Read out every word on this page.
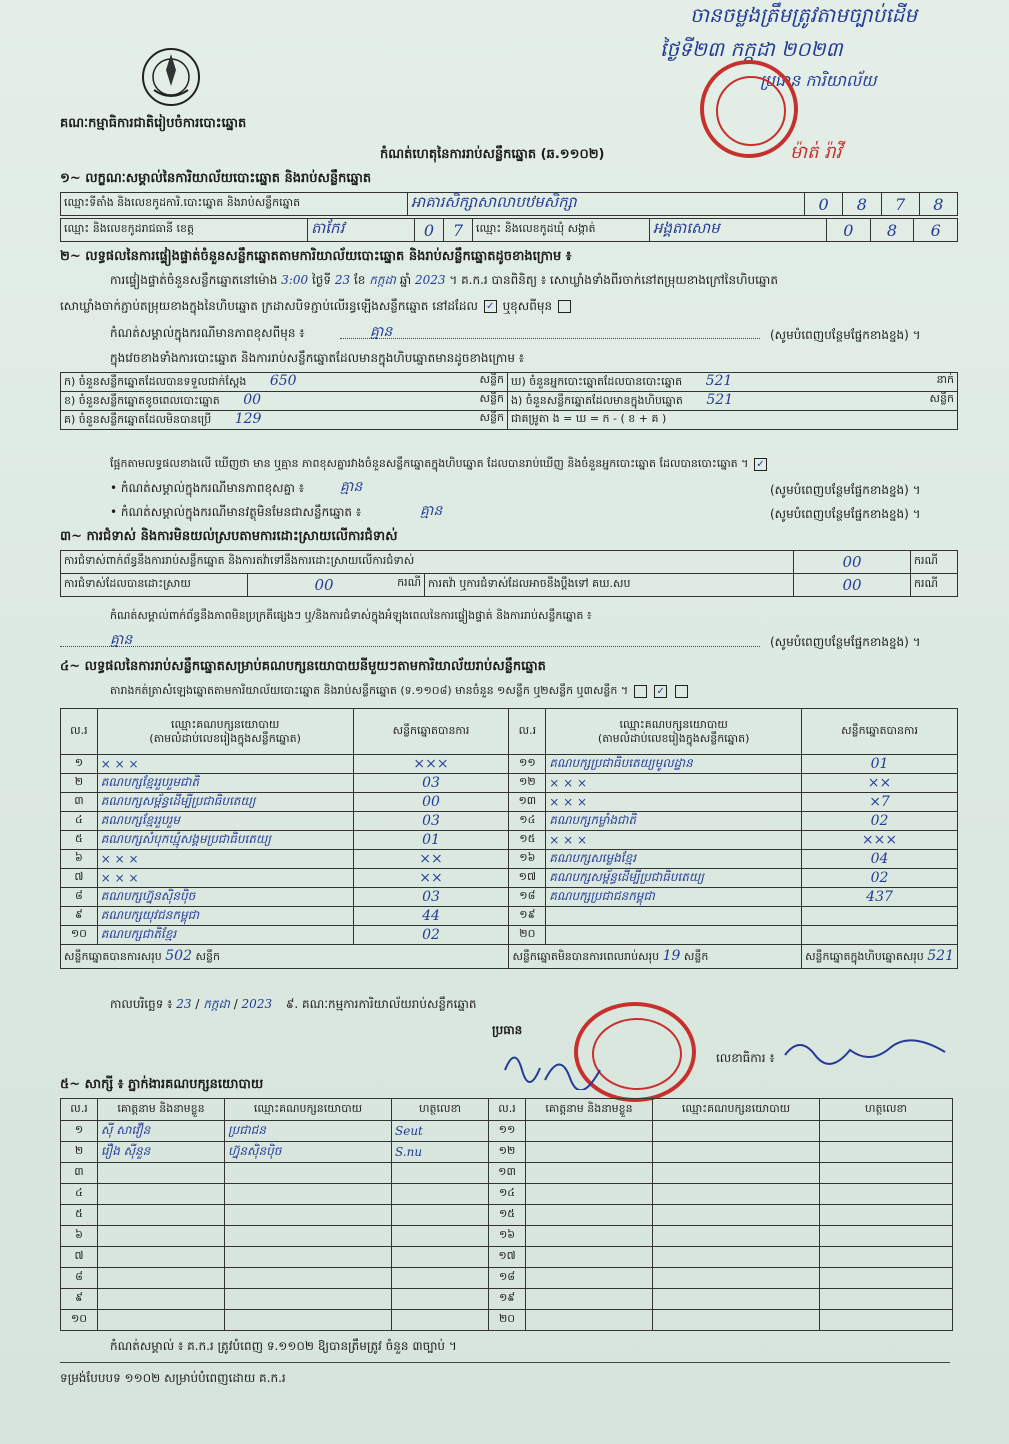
គណៈកម្មាធិការជាតិរៀបចំការបោះឆ្នោត
ចាន​ចម្លងត្រឹមត្រូវ​តាមច្បាប់ដើម
ថ្ងៃទី២៣ កក្កដា ២០២៣
ប្រធាន ការិយាល័យ
ម៉ាត់ រ៉ាវី
កំណត់ហេតុនៃការរាប់សន្លឹកឆ្នោត (ឆ.១១០២)
១~ លក្ខណៈសម្គាល់នៃការិយាល័យបោះឆ្នោត និងរាប់សន្លឹកឆ្នោត
ឈ្មោះទីតាំង និងលេខកូដការិ.បោះឆ្នោត និងរាប់សន្លឹកឆ្នោត	អាគារសិក្សាសាលាបឋមសិក្សា	0	8	7	8
ឈ្មោះ និងលេខកូដរាជធានី ខេត្ត	តាកែវ	0	7	ឈ្មោះ និងលេខកូដឃុំ សង្កាត់	អង្គតាសោម	0	8	6
២~ លទ្ធផលនៃការផ្ទៀងផ្ទាត់ចំនួនសន្លឹកឆ្នោតតាមការិយាល័យបោះឆ្នោត និងរាប់សន្លឹកឆ្នោតដូចខាងក្រោម ៖
ការផ្ទៀងផ្ទាត់ចំនួនសន្លឹកឆ្នោតនៅម៉ោង 3:00 ថ្ងៃទី 23 ខែ កក្កដា ឆ្នាំ 2023 ។ គ.ក.រ បានពិនិត្យ ៖ សោឃ្លាំងទាំងពីរចាក់នៅតម្រុយខាងក្រៅនៃហិបឆ្នោត
សោឃ្លាំងចាក់ភ្ជាប់តម្រុយខាងក្នុងនៃហិបឆ្នោត ក្រដាសបិទភ្ជាប់លើរន្ធ​ឡើងសន្លឹកឆ្នោត នៅដដែល ✓ ឬខុសពីមុន
កំណត់សម្គាល់ក្នុងករណីមានភាពខុសពីមុន ៖	គ្មាន	(សូមបំពេញបន្ថែមផ្នែកខាងខ្នង) ។
ក្នុងវេចខាងទាំងការបោះឆ្នោត និងការរាប់សន្លឹកឆ្នោតដែលមានក្នុងហិបឆ្នោតមានដូចខាងក្រោម ៖
ក) ចំនួនសន្លឹកឆ្នោតដែលបានទទួលជាក់ស្តែង 650 សន្លឹក	ឃ) ចំនួនអ្នកបោះឆ្នោតដែលបានបោះឆ្នោត 521 នាក់

ខ) ចំនួនសន្លឹកឆ្នោតខូចពេលបោះឆ្នោត 00 សន្លឹក	ង) ចំនួនសន្លឹកឆ្នោតដែលមានក្នុងហិបឆ្នោត 521 សន្លឹក

គ) ចំនួនសន្លឹកឆ្នោតដែលមិនបានប្រើ 129 សន្លឹក	ជាគម្រូតា ង = ឃ = ក - ( ខ + គ )
ផ្អែកតាមលទ្ធផលខាងលើ ឃើញថា មាន ឬគ្មាន ភាពខុសគ្នារវាងចំនួនសន្លឹកឆ្នោតក្នុងហិបឆ្នោត ដែលបានរាប់ឃើញ និងចំនួនអ្នកបោះឆ្នោត ដែលបានបោះឆ្នោត ។ ✓
• កំណត់សម្គាល់ក្នុងករណីមានភាពខុសគ្នា ៖	គ្មាន	(សូមបំពេញបន្ថែមផ្នែកខាងខ្នង) ។
• កំណត់សម្គាល់ក្នុងករណីមានវត្ថុមិនមែនជាសន្លឹកឆ្នោត ៖	គ្មាន	(សូមបំពេញបន្ថែមផ្នែកខាងខ្នង) ។
៣~ ការជំទាស់ និងការមិនយល់ស្របតាមការដោះស្រាយលើការជំទាស់
ការជំទាស់ពាក់ព័ន្ធនឹងការរាប់សន្លឹកឆ្នោត និងការតវ៉ាទៅនឹងការដោះស្រាយលើការជំទាស់			00	ករណី
ការជំទាស់ដែលបានដោះស្រាយ	00 ករណី	ការតវ៉ា ឬការជំទាស់ដែលអាចនឹងប្ដឹងទៅ គឃ.សប	00	ករណី
កំណត់សម្គាល់ពាក់ព័ន្ធនឹងភាពមិនប្រក្រតីផ្សេងៗ ឬ/និងការជំទាស់ក្នុងអំឡុងពេលនៃការផ្ទៀងផ្ទាត់ និងការរាប់សន្លឹកឆ្នោត ៖
គ្មាន	(សូមបំពេញបន្ថែមផ្នែកខាងខ្នង) ។
៤~ លទ្ធផលនៃការរាប់សន្លឹកឆ្នោតសម្រាប់គណបក្សនយោបាយនីមួយៗតាមការិយាល័យរាប់សន្លឹកឆ្នោត
តារាងកត់ត្រាសំឡេងឆ្នោតតាមការិយាល័យបោះឆ្នោត និងរាប់សន្លឹកឆ្នោត (ទ.១១០៨) មានចំនួន ១សន្លឹក ឬ២សន្លឹក ឬ៣សន្លឹក ។	✓
ល.រ	ឈ្មោះគណបក្សនយោបាយ
(តាមលំដាប់លេខរៀងក្នុងសន្លឹកឆ្នោត)	សន្លឹកឆ្នោតបានការ	ល.រ	ឈ្មោះគណបក្សនយោបាយ
(តាមលំដាប់លេខរៀងក្នុងសន្លឹកឆ្នោត)	សន្លឹកឆ្នោតបានការ
១	× × ×	×××	១១	គណបក្សប្រជាធិបតេយ្យមូលដ្ឋាន	01
២	គណបក្សខ្មែររួបរួមជាតិ	03	១២	× × ×	××
៣	គណបក្សសម្ព័ន្ធដើម្បីប្រជាធិបតេយ្យ	00	១៣	× × ×	×7
៤	គណបក្សខ្មែររួបរួម	03	១៤	គណបក្សកម្លាំងជាតិ	02
៥	គណបក្សសំបុកឃ្មុំសង្គមប្រជាធិបតេយ្យ	01	១៥	× × ×	×××
៦	× × ×	××	១៦	គណបក្សសម្លេងខ្មែរ	04
៧	× × ×	××	១៧	គណបក្សសម្ព័ន្ធដើម្បីប្រជាធិបតេយ្យ	02
៨	គណបក្សហ្វ៊ុនស៊ិនប៉ិច	03	១៨	គណបក្សប្រជាជនកម្ពុជា	437
៩	គណបក្សយុវជនកម្ពុជា	44	១៩		
១០	គណបក្សជាតិខ្មែរ	02	២០		
សន្លឹកឆ្នោតបានការសរុប 502 សន្លឹក			សន្លឹកឆ្នោតមិនបានការពេលរាប់សរុប 19 សន្លឹក		សន្លឹកឆ្នោតក្នុងហិបឆ្នោតសរុប 521
កាលបរិច្ឆេទ ៖ 23 / កក្កដា / 2023 ៩. គណៈកម្មការការិយាល័យរាប់សន្លឹកឆ្នោត
ប្រធាន
លេខាធិការ ៖
៥~ សាក្សី ៖ ភ្នាក់ងារគណបក្សនយោបាយ
ល.រ	គោត្តនាម និងនាមខ្លួន	ឈ្មោះគណបក្សនយោបាយ	ហត្ថលេខា	ល.រ	គោត្តនាម និងនាមខ្លួន	ឈ្មោះគណបក្សនយោបាយ	ហត្ថលេខា
១	ស៊ី សាវឿន	ប្រជាជន	Seut	១១			
២	រឿង ស៊ីនួន	ហ្វ៊ុនស៊ិនប៉ិច	S.nu	១២			
៣				១៣			
៤				១៤			
៥				១៥			
៦				១៦			
៧				១៧			
៨				១៨			
៩				១៩			
១០				២០			
កំណត់សម្គាល់ ៖ គ.ក.រ ត្រូវបំពេញ ទ.១១០២ ឱ្យបានត្រឹមត្រូវ ចំនួន ៣ច្បាប់ ។
ទម្រង់បែបបទ ១១០២ សម្រាប់បំពេញដោយ គ.ក.រ
